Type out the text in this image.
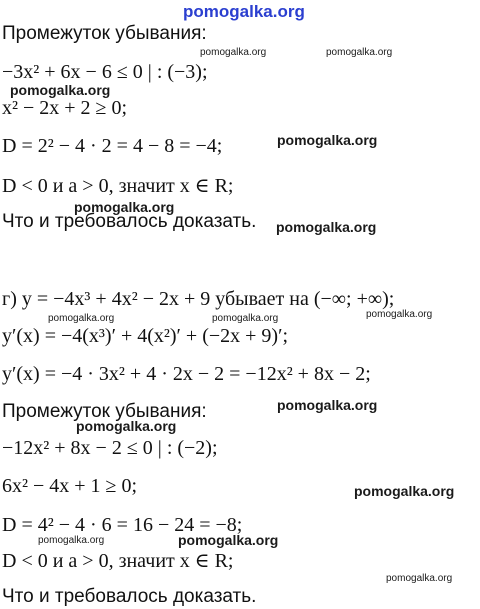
pomogalka.org
Промежуток убывания:
pomogalka.org	pomogalka.org
−3x² + 6x − 6 ≤ 0 | : (−3);
pomogalka.org
x² − 2x + 2 ≥ 0;
D = 2² − 4 · 2 = 4 − 8 = −4;	pomogalka.org
D < 0 и a > 0, значит x ∈ R;
pomogalka.org
Что и требовалось доказать. pomogalka.org
г) y = −4x³ + 4x² − 2x + 9 убывает на (−∞; +∞);
pomogalka.org	pomogalka.org	pomogalka.org
y′(x) = −4(x³)′ + 4(x²)′ + (−2x + 9)′;
y′(x) = −4 · 3x² + 4 · 2x − 2 = −12x² + 8x − 2;
Промежуток убывания:	pomogalka.org
pomogalka.org
−12x² + 8x − 2 ≤ 0 | : (−2);
6x² − 4x + 1 ≥ 0;	pomogalka.org
D = 4² − 4 · 6 = 16 − 24 = −8;
pomogalka.org	pomogalka.org
D < 0 и a > 0, значит x ∈ R;
pomogalka.org
Что и требовалось доказать.
